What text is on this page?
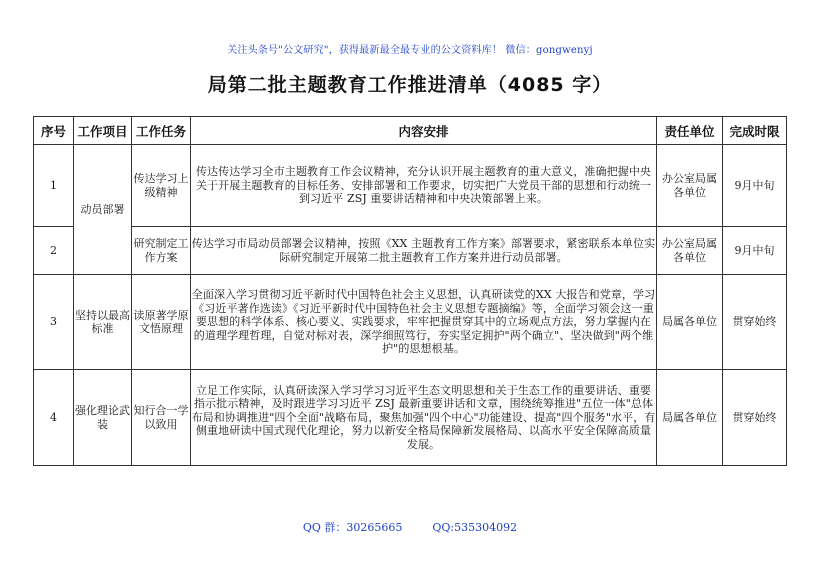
关注头条号"公文研究"，获得最新最全最专业的公文资料库！ 微信：gongwenyj
局第二批主题教育工作推进清单（4085 字）
序号	工作项目	工作任务	内容安排	责任单位	完成时限
1	动员部署	传达学习上级精神	传达传达学习全市主题教育工作会议精神，充分认识开展主题教育的重大意义，准确把握中央关于开展主题教育的目标任务、安排部署和工作要求，切实把广大党员干部的思想和行动统一到习近平 ZSJ 重要讲话精神和中央决策部署上来。	办公室局属各单位	9月中旬
2		研究制定工作方案	传达学习市局动员部署会议精神，按照《XX 主题教育工作方案》部署要求，紧密联系本单位实际研究制定开展第二批主题教育工作方案并进行动员部署。	办公室局属各单位	9月中旬
3	坚持以最高标准	读原著学原文悟原理	全面深入学习贯彻习近平新时代中国特色社会主义思想，认真研读党的XX 大报告和党章，学习《习近平著作选读》《习近平新时代中国特色社会主义思想专题摘编》等，全面学习领会这一重要思想的科学体系、核心要义、实践要求，牢牢把握贯穿其中的立场观点方法，努力掌握内在的道理学理哲理，自觉对标对表，深学细照笃行，夯实坚定拥护"两个确立"、坚决做到"两个维护"的思想根基。	局属各单位	贯穿始终
4	强化理论武装	知行合一学以致用	立足工作实际，认真研读深入学习学习习近平生态文明思想和关于生态工作的重要讲话、重要指示批示精神，及时跟进学习习近平 ZSJ 最新重要讲话和文章，围绕统筹推进"五位一体"总体布局和协调推进"四个全面"战略布局，聚焦加强"四个中心"功能建设、提高"四个服务"水平，有侧重地研读中国式现代化理论，努力以新安全格局保障新发展格局、以高水平安全保障高质量发展。	局属各单位	贯穿始终
QQ 群：30265665	QQ:535304092
